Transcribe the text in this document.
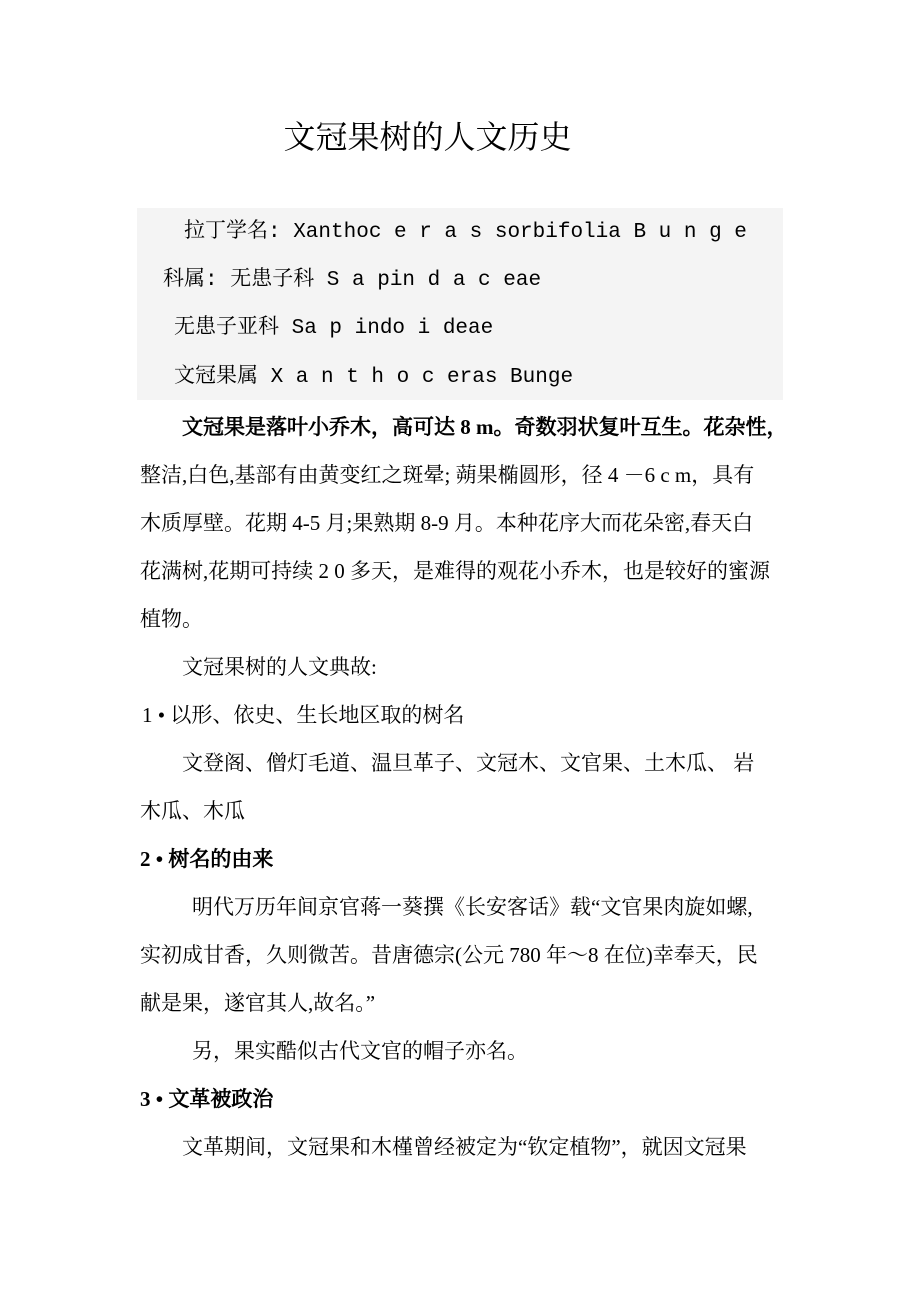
文冠果树的人文历史
拉丁学名: Xanthoc e r a s sorbifolia B u n g e
科属: 无患子科 S a pin d a c eae
无患子亚科 Sa p indo i deae
文冠果属 X a n t h o c eras Bunge
文冠果是落叶小乔木，高可达 8 m。奇数羽状复叶互生。花杂性，
整洁,白色,基部有由黄变红之斑晕; 蒴果椭圆形，径 4 －6 c m，具有
木质厚壁。花期 4-5 月;果熟期 8-9 月。本种花序大而花朵密,春天白
花满树,花期可持续 2 0 多天，是难得的观花小乔木，也是较好的蜜源
植物。
文冠果树的人文典故:
1 • 以形、依史、生长地区取的树名
文登阁、僧灯毛道、温旦革子、文冠木、文官果、土木瓜、 岩
木瓜、木瓜
2 • 树名的由来
明代万历年间京官蒋一葵撰《长安客话》载“文官果肉旋如螺,
实初成甘香，久则微苦。昔唐德宗(公元 780 年～8 在位)幸奉天，民
献是果，遂官其人,故名。”
另，果实酷似古代文官的帽子亦名。
3 • 文革被政治
文革期间，文冠果和木槿曾经被定为“钦定植物”，就因文冠果
